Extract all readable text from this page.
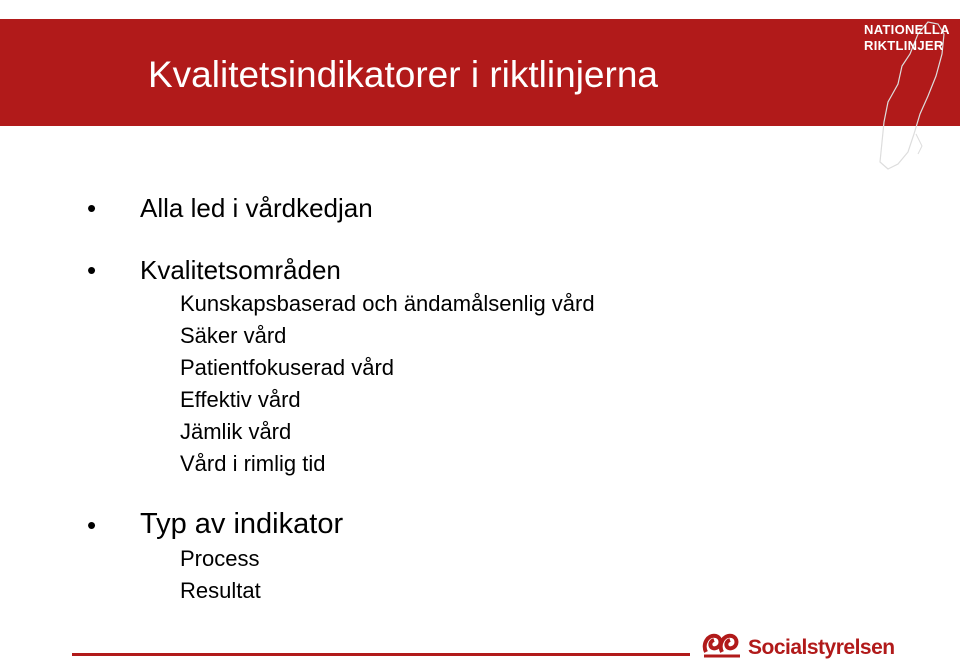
Kvalitetsindikatorer i riktlinjerna
NATIONELLA
RIKTLINJER
• Alla led i vårdkedjan
• Kvalitetsområden
Kunskapsbaserad och ändamålsenlig vård
Säker vård
Patientfokuserad vård
Effektiv vård
Jämlik vård
Vård i rimlig tid
• Typ av indikator
Process
Resultat
Socialstyrelsen
